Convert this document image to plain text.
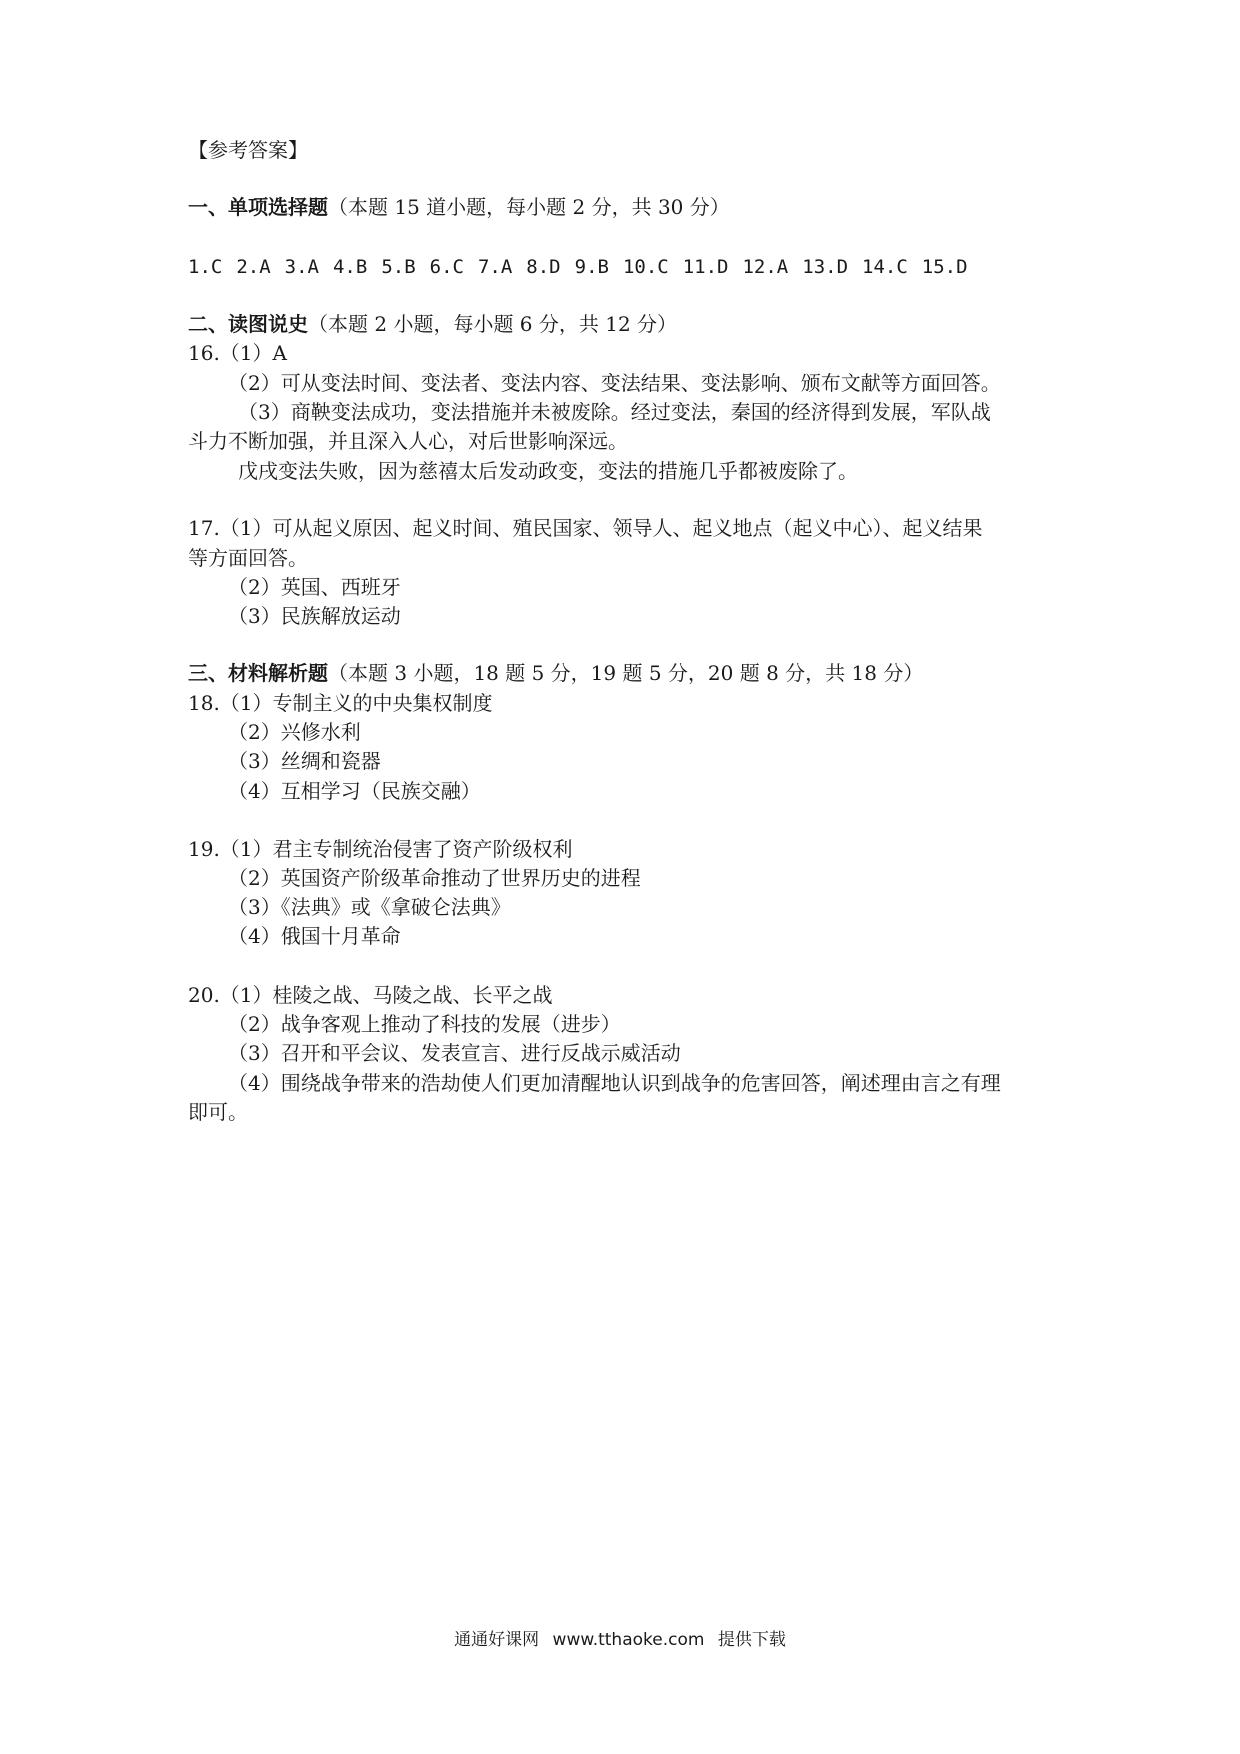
【参考答案】
一、单项选择题（本题 15 道小题，每小题 2 分，共 30 分）
1.C 2.A 3.A 4.B 5.B 6.C 7.A 8.D 9.B 10.C 11.D 12.A 13.D 14.C 15.D
二、读图说史（本题 2 小题，每小题 6 分，共 12 分）
16.（1）A
（2）可从变法时间、变法者、变法内容、变法结果、变法影响、颁布文献等方面回答。
（3）商鞅变法成功，变法措施并未被废除。经过变法，秦国的经济得到发展，军队战
斗力不断加强，并且深入人心，对后世影响深远。
戊戌变法失败，因为慈禧太后发动政变，变法的措施几乎都被废除了。
17.（1）可从起义原因、起义时间、殖民国家、领导人、起义地点（起义中心）、起义结果
等方面回答。
（2）英国、西班牙
（3）民族解放运动
三、材料解析题（本题 3 小题，18 题 5 分，19 题 5 分，20 题 8 分，共 18 分）
18.（1）专制主义的中央集权制度
（2）兴修水利
（3）丝绸和瓷器
（4）互相学习（民族交融）
19.（1）君主专制统治侵害了资产阶级权利
（2）英国资产阶级革命推动了世界历史的进程
（3）《法典》或《拿破仑法典》
（4）俄国十月革命
20.（1）桂陵之战、马陵之战、长平之战
（2）战争客观上推动了科技的发展（进步）
（3）召开和平会议、发表宣言、进行反战示威活动
（4）围绕战争带来的浩劫使人们更加清醒地认识到战争的危害回答，阐述理由言之有理
即可。
通通好课网 www.tthaoke.com 提供下载
